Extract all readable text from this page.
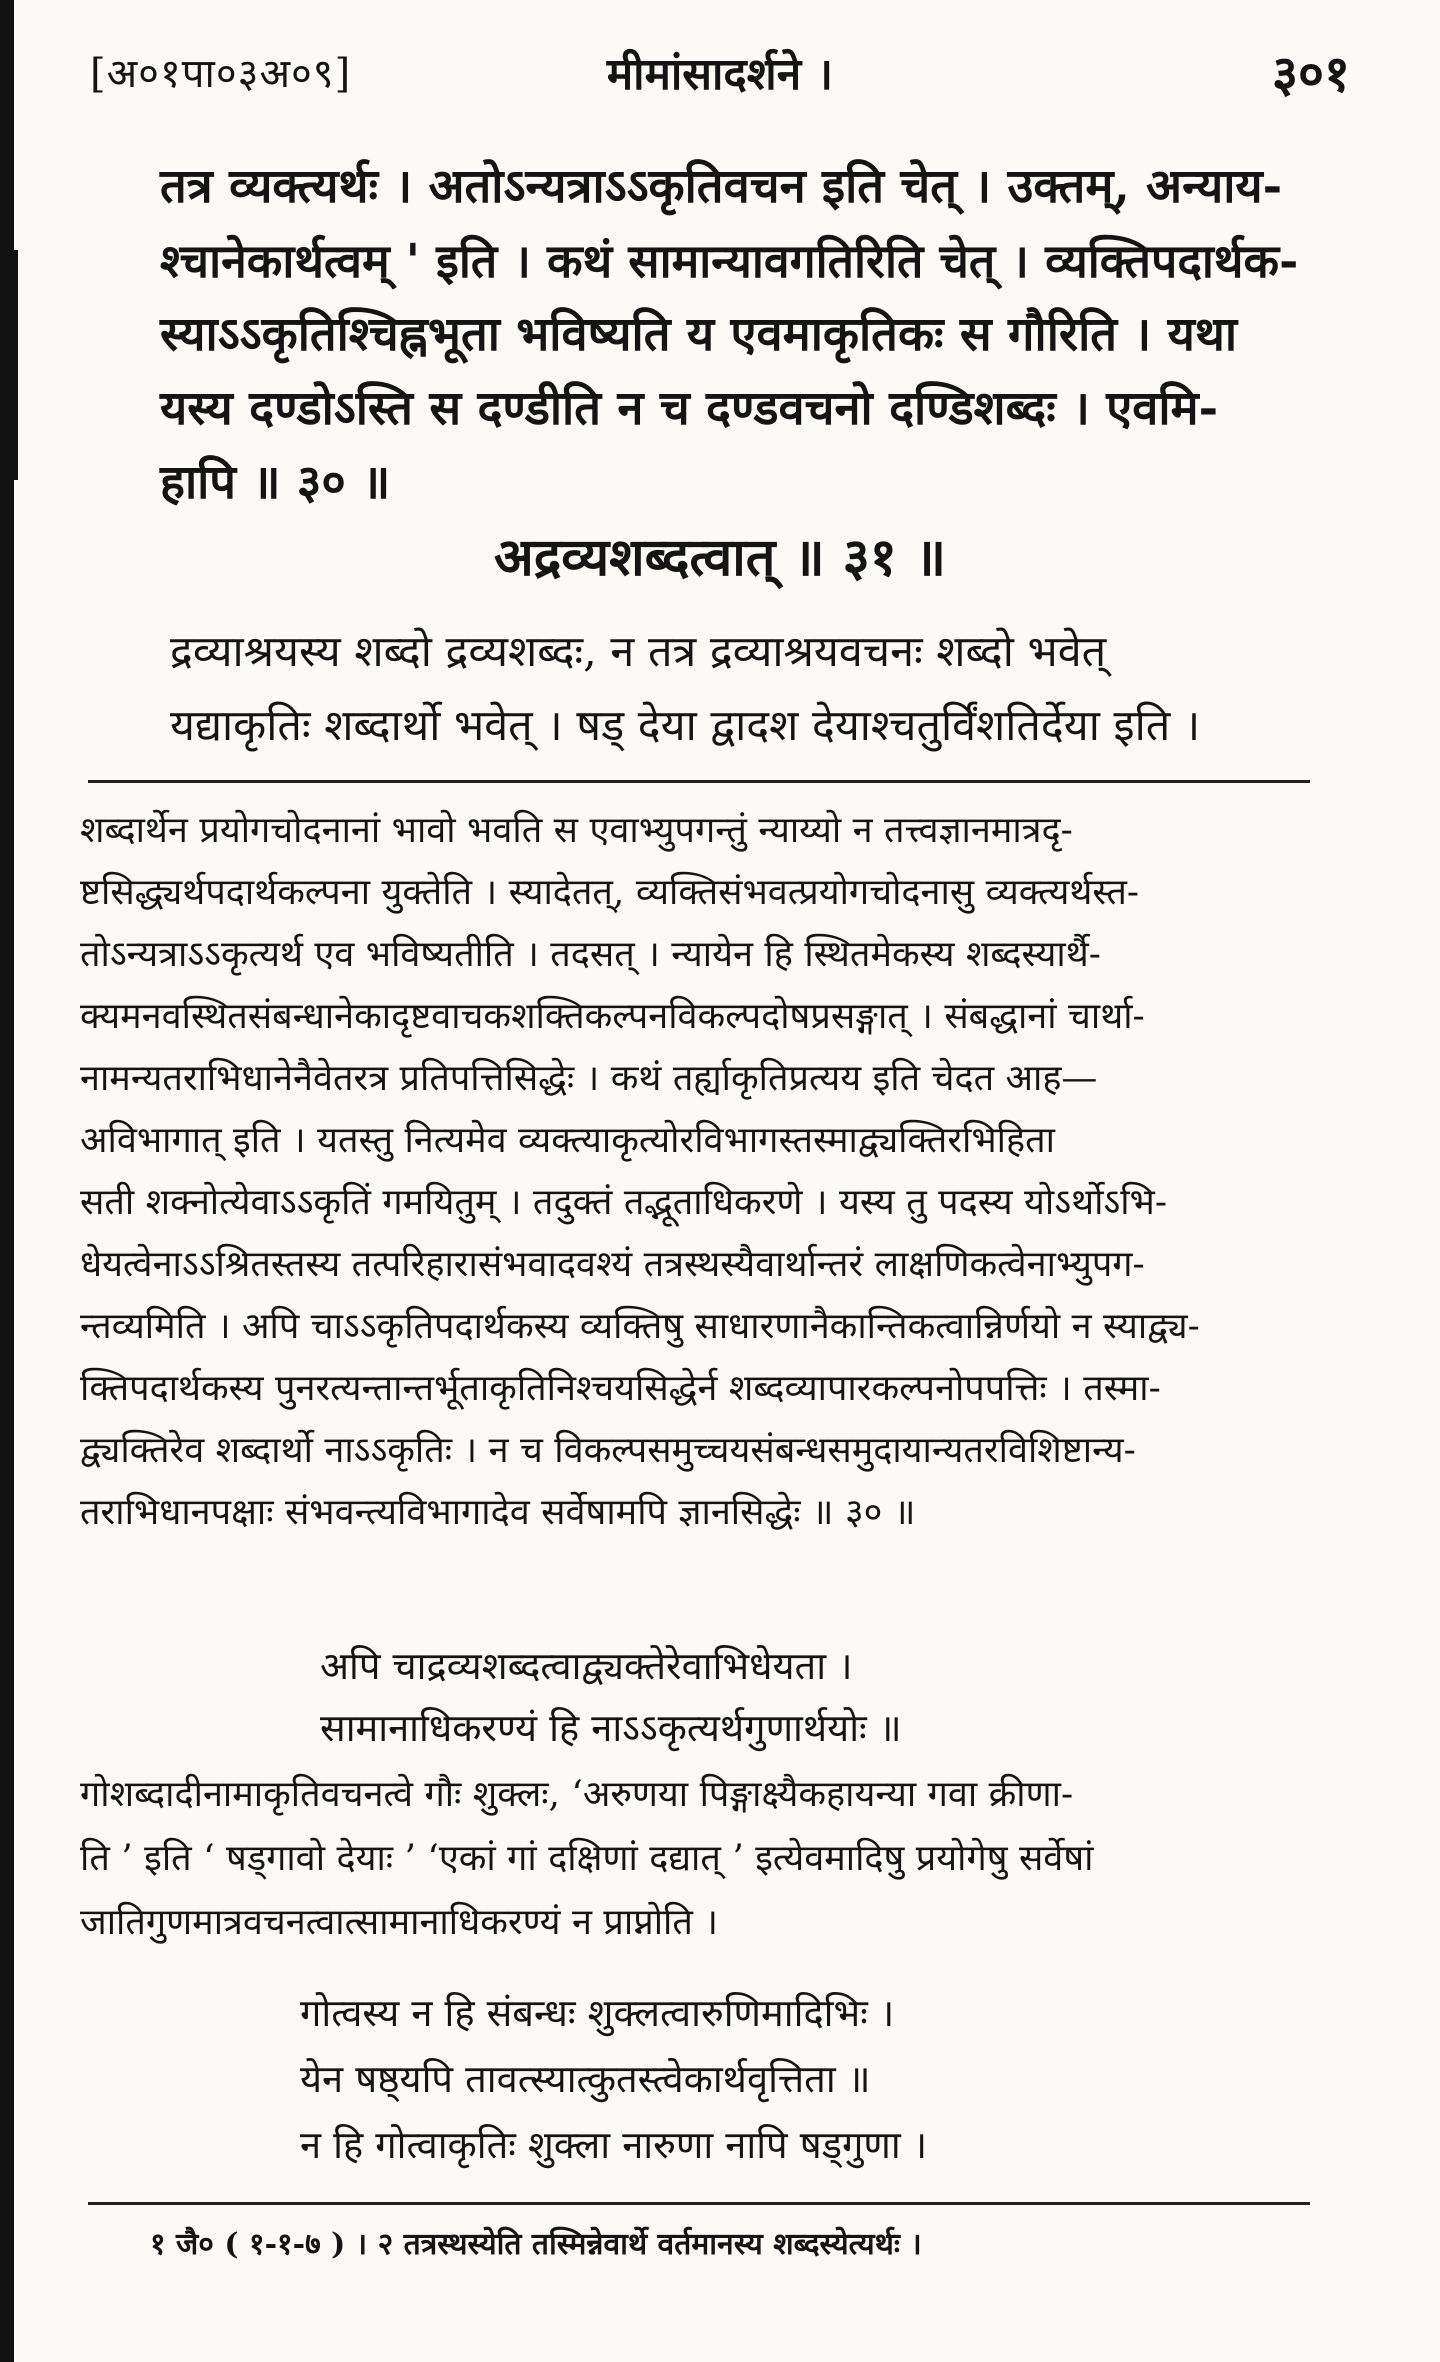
[अ०१पा०३अ०९]	मीमांसादर्शने ।	३०१

तत्र व्यक्त्यर्थः । अतोऽन्यत्राऽऽकृतिवचन इति चेत् । उक्तम्, अन्याय-

श्चानेकार्थत्वम् ' इति । कथं सामान्यावगतिरिति चेत् । व्यक्तिपदार्थक-

स्याऽऽकृतिश्चिह्नभूता भविष्यति य एवमाकृतिकः स गौरिति । यथा

यस्य दण्डोऽस्ति स दण्डीति न च दण्डवचनो दण्डिशब्दः । एवमि-

हापि ॥ ३० ॥

अद्रव्यशब्दत्वात् ॥ ३१ ॥

द्रव्याश्रयस्य शब्दो द्रव्यशब्दः, न तत्र द्रव्याश्रयवचनः शब्दो भवेत्

यद्याकृतिः शब्दार्थो भवेत् । षड् देया द्वादश देयाश्चतुर्विंशतिर्देया इति ।

शब्दार्थेन प्रयोगचोदनानां भावो भवति स एवाभ्युपगन्तुं न्याय्यो न तत्त्वज्ञानमात्रदृ-

ष्टसिद्ध्यर्थपदार्थकल्पना युक्तेति । स्यादेतत्, व्यक्तिसंभवत्प्रयोगचोदनासु व्यक्त्यर्थस्त-

तोऽन्यत्राऽऽकृत्यर्थ एव भविष्यतीति । तदसत् । न्यायेन हि स्थितमेकस्य शब्दस्यार्थै-

क्यमनवस्थितसंबन्धानेकादृष्टवाचकशक्तिकल्पनविकल्पदोषप्रसङ्गात् । संबद्धानां चार्था-

नामन्यतराभिधानेनैवेतरत्र प्रतिपत्तिसिद्धेः । कथं तर्ह्याकृतिप्रत्यय इति चेदत आह—

अविभागात् इति । यतस्तु नित्यमेव व्यक्त्याकृत्योरविभागस्तस्माद्व्यक्तिरभिहिता

सती शक्नोत्येवाऽऽकृतिं गमयितुम् । तदुक्तं तद्भूताधिकरणे । यस्य तु पदस्य योऽर्थोऽभि-

धेयत्वेनाऽऽश्रितस्तस्य तत्परिहारासंभवादवश्यं तत्रस्थस्यैवार्थान्तरं लाक्षणिकत्वेनाभ्युपग-

न्तव्यमिति । अपि चाऽऽकृतिपदार्थकस्य व्यक्तिषु साधारणानैकान्तिकत्वान्निर्णयो न स्याद्व्य-

क्तिपदार्थकस्य पुनरत्यन्तान्तर्भूताकृतिनिश्चयसिद्धेर्न शब्दव्यापारकल्पनोपपत्तिः । तस्मा-

द्व्यक्तिरेव शब्दार्थो नाऽऽकृतिः । न च विकल्पसमुच्चयसंबन्धसमुदायान्यतरविशिष्टान्य-

तराभिधानपक्षाः संभवन्त्यविभागादेव सर्वेषामपि ज्ञानसिद्धेः ॥ ३० ॥

अपि चाद्रव्यशब्दत्वाद्व्यक्तेरेवाभिधेयता ।

सामानाधिकरण्यं हि नाऽऽकृत्यर्थगुणार्थयोः ॥

गोशब्दादीनामाकृतिवचनत्वे गौः शुक्लः, ‘अरुणया पिङ्गाक्ष्यैकहायन्या गवा क्रीणा-

ति ’ इति ‘ षड्गावो देयाः ’ ‘एकां गां दक्षिणां दद्यात् ’ इत्येवमादिषु प्रयोगेषु सर्वेषां

जातिगुणमात्रवचनत्वात्सामानाधिकरण्यं न प्राप्नोति ।

गोत्वस्य न हि संबन्धः शुक्लत्वारुणिमादिभिः ।

येन षष्ठ्यपि तावत्स्यात्कुतस्त्वेकार्थवृत्तिता ॥

न हि गोत्वाकृतिः शुक्ला नारुणा नापि षड्गुणा ।

१ जै० ( १-१-७ ) । २ तत्रस्थस्येति तस्मिन्नेवार्थे वर्तमानस्य शब्दस्येत्यर्थः ।
